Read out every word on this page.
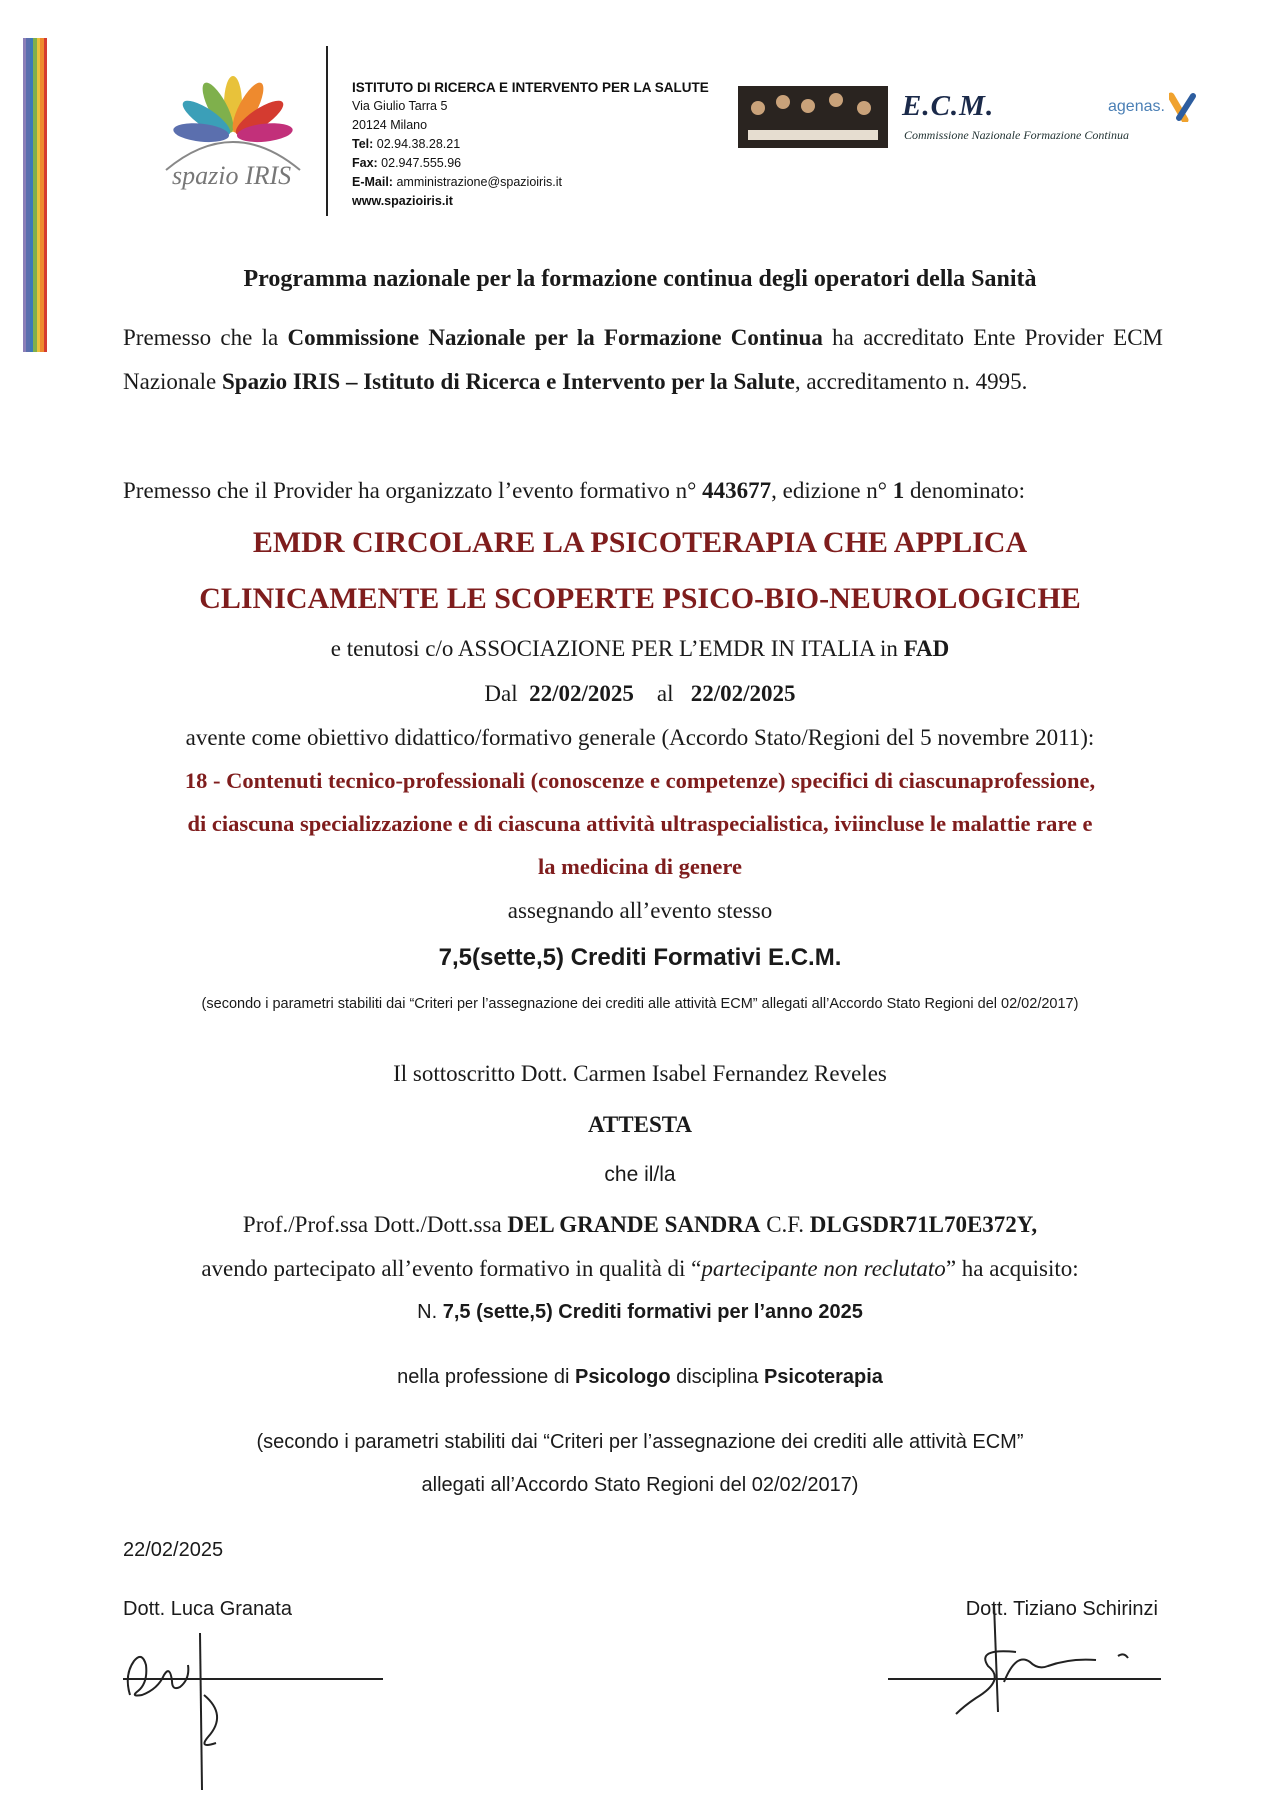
spazio IRIS
ISTITUTO DI RICERCA E INTERVENTO PER LA SALUTE
Via Giulio Tarra 5
20124 Milano
Tel: 02.94.38.28.21
Fax: 02.947.555.96
E-Mail: amministrazione@spazioiris.it
www.spazioiris.it
E.C.M.
Commissione Nazionale Formazione Continua
agenas.
Programma nazionale per la formazione continua degli operatori della Sanità
Premesso che la Commissione Nazionale per la Formazione Continua ha accreditato Ente Provider ECM Nazionale Spazio IRIS – Istituto di Ricerca e Intervento per la Salute, accreditamento n. 4995.
Premesso che il Provider ha organizzato l’evento formativo n° 443677, edizione n° 1 denominato:
EMDR CIRCOLARE LA PSICOTERAPIA CHE APPLICA
CLINICAMENTE LE SCOPERTE PSICO-BIO-NEUROLOGICHE
e tenutosi c/o ASSOCIAZIONE PER L’EMDR IN ITALIA in FAD
Dal 22/02/2025 al 22/02/2025
avente come obiettivo didattico/formativo generale (Accordo Stato/Regioni del 5 novembre 2011):
18 - Contenuti tecnico-professionali (conoscenze e competenze) specifici di ciascunaprofessione,
di ciascuna specializzazione e di ciascuna attività ultraspecialistica, iviincluse le malattie rare e
la medicina di genere
assegnando all’evento stesso
7,5(sette,5) Crediti Formativi E.C.M.
(secondo i parametri stabiliti dai “Criteri per l’assegnazione dei crediti alle attività ECM” allegati all’Accordo Stato Regioni del 02/02/2017)
Il sottoscritto Dott. Carmen Isabel Fernandez Reveles
ATTESTA
che il/la
Prof./Prof.ssa Dott./Dott.ssa DEL GRANDE SANDRA C.F. DLGSDR71L70E372Y,
avendo partecipato all’evento formativo in qualità di “partecipante non reclutato” ha acquisito:
N. 7,5 (sette,5) Crediti formativi per l’anno 2025
nella professione di Psicologo disciplina Psicoterapia
(secondo i parametri stabiliti dai “Criteri per l’assegnazione dei crediti alle attività ECM”
allegati all’Accordo Stato Regioni del 02/02/2017)
22/02/2025
Dott. Luca Granata	Dott. Tiziano Schirinzi
